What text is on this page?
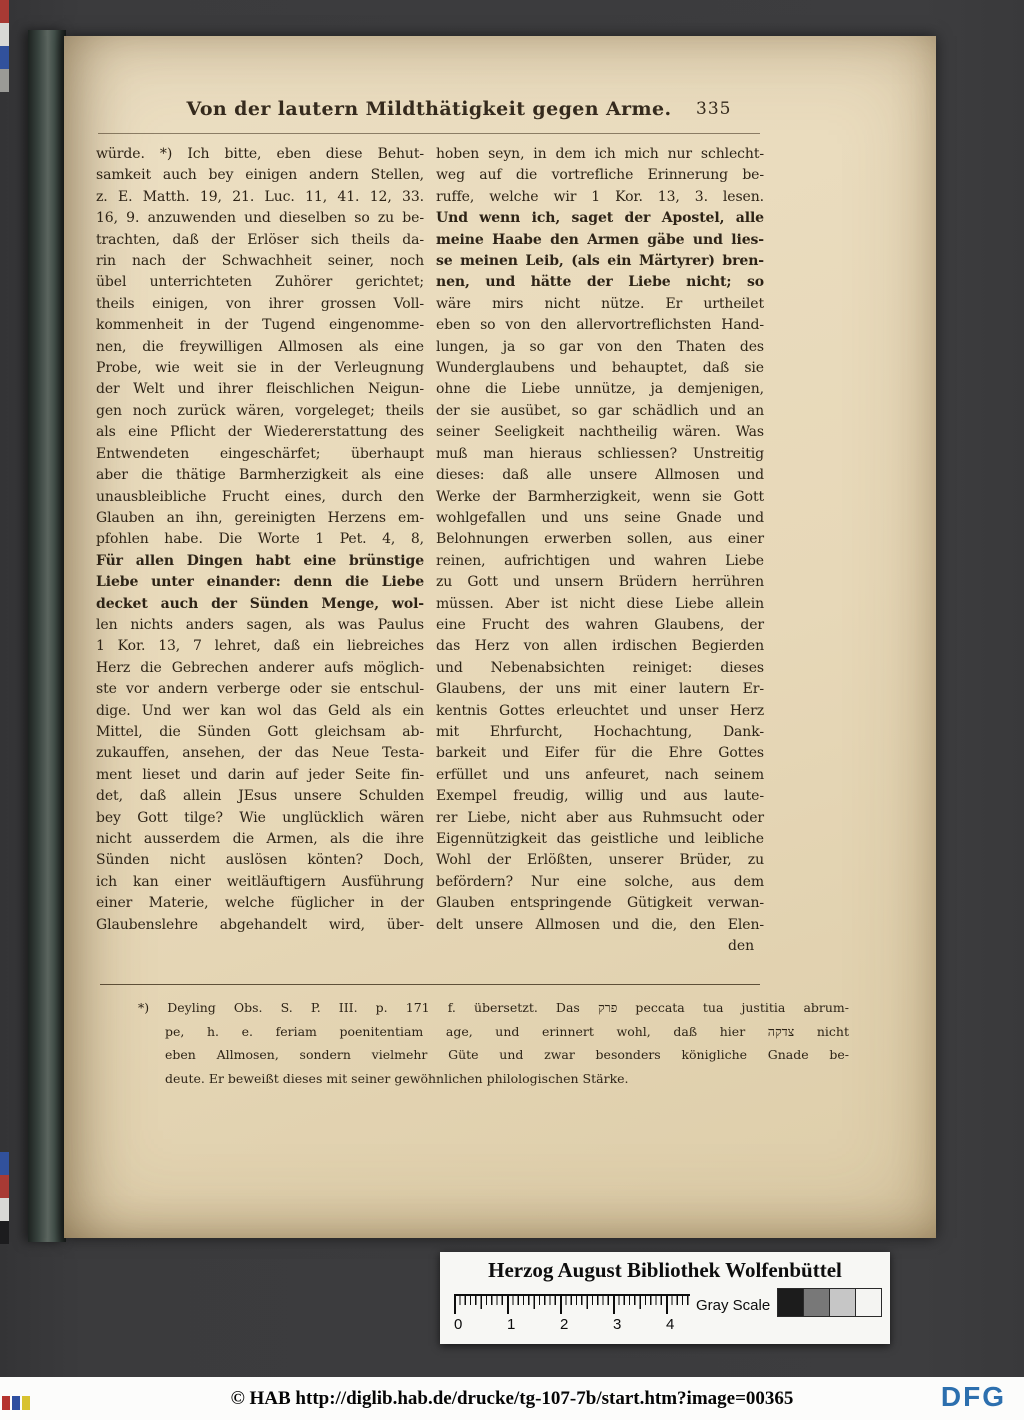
Von der lautern Mildthätigkeit gegen Arme. 335
würde. *) Ich bitte, eben diese Behut-
samkeit auch bey einigen andern Stellen,
z. E. Matth. 19, 21. Luc. 11, 41. 12, 33.
16, 9. anzuwenden und dieselben so zu be-
trachten, daß der Erlöser sich theils da-
rin nach der Schwachheit seiner, noch
übel unterrichteten Zuhörer gerichtet;
theils einigen, von ihrer grossen Voll-
kommenheit in der Tugend eingenomme-
nen, die freywilligen Allmosen als eine
Probe, wie weit sie in der Verleugnung
der Welt und ihrer fleischlichen Neigun-
gen noch zurück wären, vorgeleget; theils
als eine Pflicht der Wiedererstattung des
Entwendeten eingeschärfet; überhaupt
aber die thätige Barmherzigkeit als eine
unausbleibliche Frucht eines, durch den
Glauben an ihn, gereinigten Herzens em-
pfohlen habe. Die Worte 1 Pet. 4, 8,
Für allen Dingen habt eine brünstige
Liebe unter einander: denn die Liebe
decket auch der Sünden Menge, wol-
len nichts anders sagen, als was Paulus
1 Kor. 13, 7 lehret, daß ein liebreiches
Herz die Gebrechen anderer aufs möglich-
ste vor andern verberge oder sie entschul-
dige. Und wer kan wol das Geld als ein
Mittel, die Sünden Gott gleichsam ab-
zukauffen, ansehen, der das Neue Testa-
ment lieset und darin auf jeder Seite fin-
det, daß allein JEsus unsere Schulden
bey Gott tilge? Wie unglücklich wären
nicht ausserdem die Armen, als die ihre
Sünden nicht auslösen könten? Doch,
ich kan einer weitläuftigern Ausführung
einer Materie, welche füglicher in der
Glaubenslehre abgehandelt wird, über-
hoben seyn, in dem ich mich nur schlecht-
weg auf die vortrefliche Erinnerung be-
ruffe, welche wir 1 Kor. 13, 3. lesen.
Und wenn ich, saget der Apostel, alle
meine Haabe den Armen gäbe und lies-
se meinen Leib, (als ein Märtyrer) bren-
nen, und hätte der Liebe nicht; so
wäre mirs nicht nütze. Er urtheilet
eben so von den allervortreflichsten Hand-
lungen, ja so gar von den Thaten des
Wunderglaubens und behauptet, daß sie
ohne die Liebe unnütze, ja demjenigen,
der sie ausübet, so gar schädlich und an
seiner Seeligkeit nachtheilig wären. Was
muß man hieraus schliessen? Unstreitig
dieses: daß alle unsere Allmosen und
Werke der Barmherzigkeit, wenn sie Gott
wohlgefallen und uns seine Gnade und
Belohnungen erwerben sollen, aus einer
reinen, aufrichtigen und wahren Liebe
zu Gott und unsern Brüdern herrühren
müssen. Aber ist nicht diese Liebe allein
eine Frucht des wahren Glaubens, der
das Herz von allen irdischen Begierden
und Nebenabsichten reiniget: dieses
Glaubens, der uns mit einer lautern Er-
kentnis Gottes erleuchtet und unser Herz
mit Ehrfurcht, Hochachtung, Dank-
barkeit und Eifer für die Ehre Gottes
erfüllet und uns anfeuret, nach seinem
Exempel freudig, willig und aus laute-
rer Liebe, nicht aber aus Ruhmsucht oder
Eigennützigkeit das geistliche und leibliche
Wohl der Erlößten, unserer Brüder, zu
befördern? Nur eine solche, aus dem
Glauben entspringende Gütigkeit verwan-
delt unsere Allmosen und die, den Elen-
den
*) Deyling Obs. S. P. III. p. 171 f. übersetzt. Das פרק peccata tua justitia abrum-
pe, h. e. feriam poenitentiam age, und erinnert wohl, daß hier צדקה nicht
eben Allmosen, sondern vielmehr Güte und zwar besonders königliche Gnade be-
deute. Er beweißt dieses mit seiner gewöhnlichen philologischen Stärke.
Herzog August Bibliothek Wolfenbüttel
0	1	2	3	4
Gray Scale
© HAB http://diglib.hab.de/drucke/tg-107-7b/start.htm?image=00365	DFG
